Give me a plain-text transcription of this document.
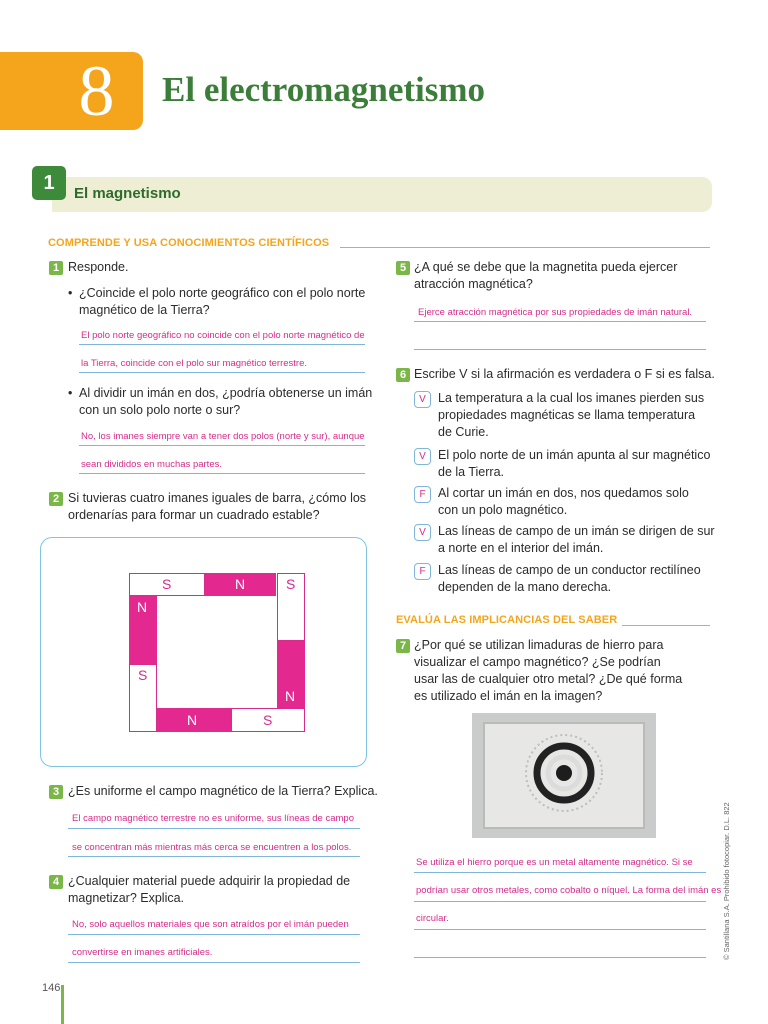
8	El electromagnetismo
1	El magnetismo
COMPRENDE Y USA CONOCIMIENTOS CIENTÍFICOS
1 Responde.
• ¿Coincide el polo norte geográfico con el polo norte
magnético de la Tierra?
El polo norte geográfico no coincide con el polo norte magnético de
la Tierra, coincide con el polo sur magnético terrestre.
• Al dividir un imán en dos, ¿podría obtenerse un imán
con un solo polo norte o sur?
No, los imanes siempre van a tener dos polos (norte y sur), aunque
sean divididos en muchas partes.
2 Si tuvieras cuatro imanes iguales de barra, ¿cómo los
ordenarías para formar un cuadrado estable?
S	N	S
N
N
S
N	S
3 ¿Es uniforme el campo magnético de la Tierra? Explica.
El campo magnético terrestre no es uniforme, sus líneas de campo
se concentran más mientras más cerca se encuentren a los polos.
4 ¿Cualquier material puede adquirir la propiedad de
magnetizar? Explica.
No, solo aquellos materiales que son atraídos por el imán pueden
convertirse en imanes artificiales.
5 ¿A qué se debe que la magnetita pueda ejercer
atracción magnética?
Ejerce atracción magnética por sus propiedades de imán natural.
6 Escribe V si la afirmación es verdadera o F si es falsa.
V La temperatura a la cual los imanes pierden sus
propiedades magnéticas se llama temperatura
de Curie.
V El polo norte de un imán apunta al sur magnético
de la Tierra.
F Al cortar un imán en dos, nos quedamos solo
con un polo magnético.
V Las líneas de campo de un imán se dirigen de sur
a norte en el interior del imán.
F Las líneas de campo de un conductor rectilíneo
dependen de la mano derecha.
EVALÚA LAS IMPLICANCIAS DEL SABER
7 ¿Por qué se utilizan limaduras de hierro para
visualizar el campo magnético? ¿Se podrían
usar las de cualquier otro metal? ¿De qué forma
es utilizado el imán en la imagen?
Se utiliza el hierro porque es un metal altamente magnético. Si se
podrían usar otros metales, como cobalto o níquel. La forma del imán es
circular.
146
© Santillana S.A. Prohibido fotocopiar. D.L. 822
